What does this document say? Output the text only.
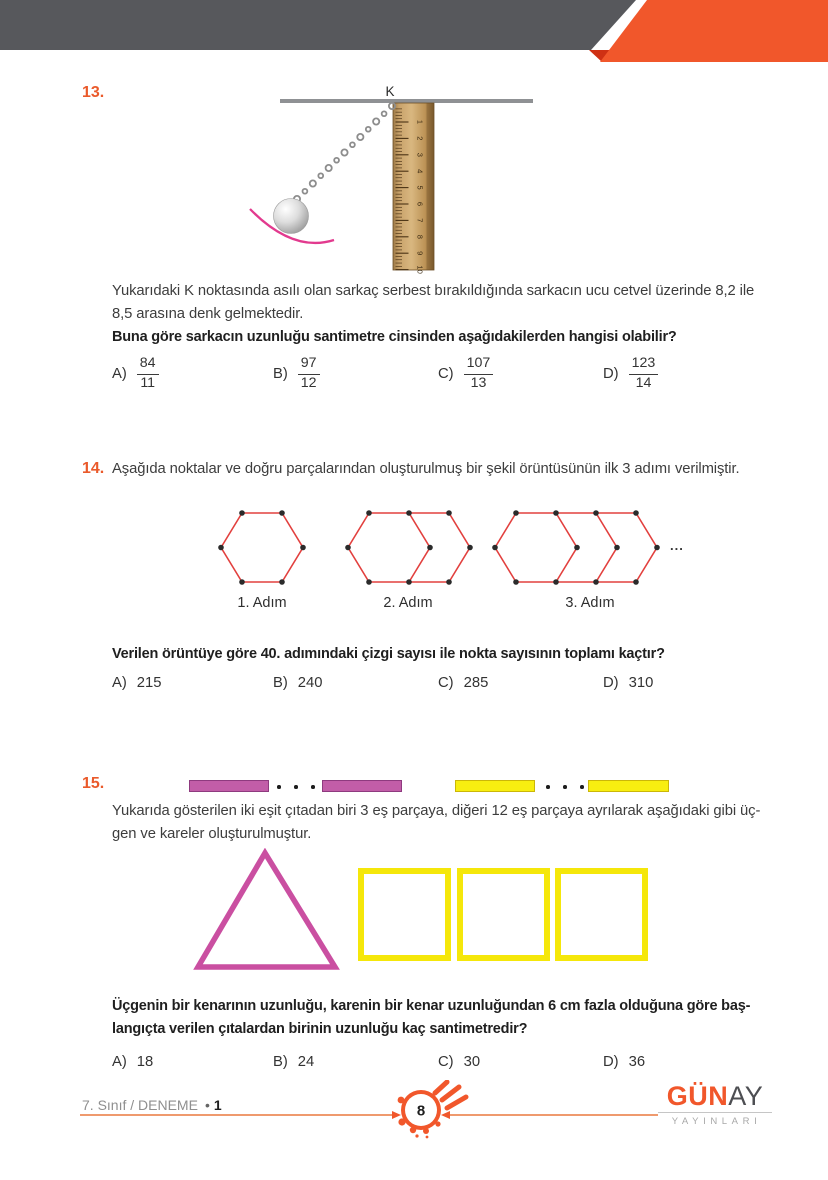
13.	K
1
2
3
4
5
6
7
8
9
10
Yukarıdaki K noktasında asılı olan sarkaç serbest bırakıldığında sarkacın ucu cetvel üzerinde 8,2 ile
8,5 arasına denk gelmektedir.
Buna göre sarkacın uzunluğu santimetre cinsinden aşağıdakilerden hangisi olabilir?
$A) \frac{84}{11}$	$B) \frac{97}{12}$	$C) \frac{107}{13}$	$D) \frac{123}{14}$
14. Aşağıda noktalar ve doğru parçalarından oluşturulmuş bir şekil örüntüsünün ilk 3 adımı verilmiştir.
1. Adım	2. Adım	3. Adım
...
Verilen örüntüye göre 40. adımındaki çizgi sayısı ile nokta sayısının toplamı kaçtır?
A) 215	B) 240	C) 285	D) 310
15.
Yukarıda gösterilen iki eşit çıtadan biri 3 eş parçaya, diğeri 12 eş parçaya ayrılarak aşağıdaki gibi üç-
gen ve kareler oluşturulmuştur.
Üçgenin bir kenarının uzunluğu, karenin bir kenar uzunluğundan 6 cm fazla olduğuna göre baş-
langıçta verilen çıtalardan birinin uzunluğu kaç santimetredir?
A) 18	B) 24	C) 30	D) 36
7. Sınıf / DENEME • 1	8	GÜNAY
YAYINLARI
